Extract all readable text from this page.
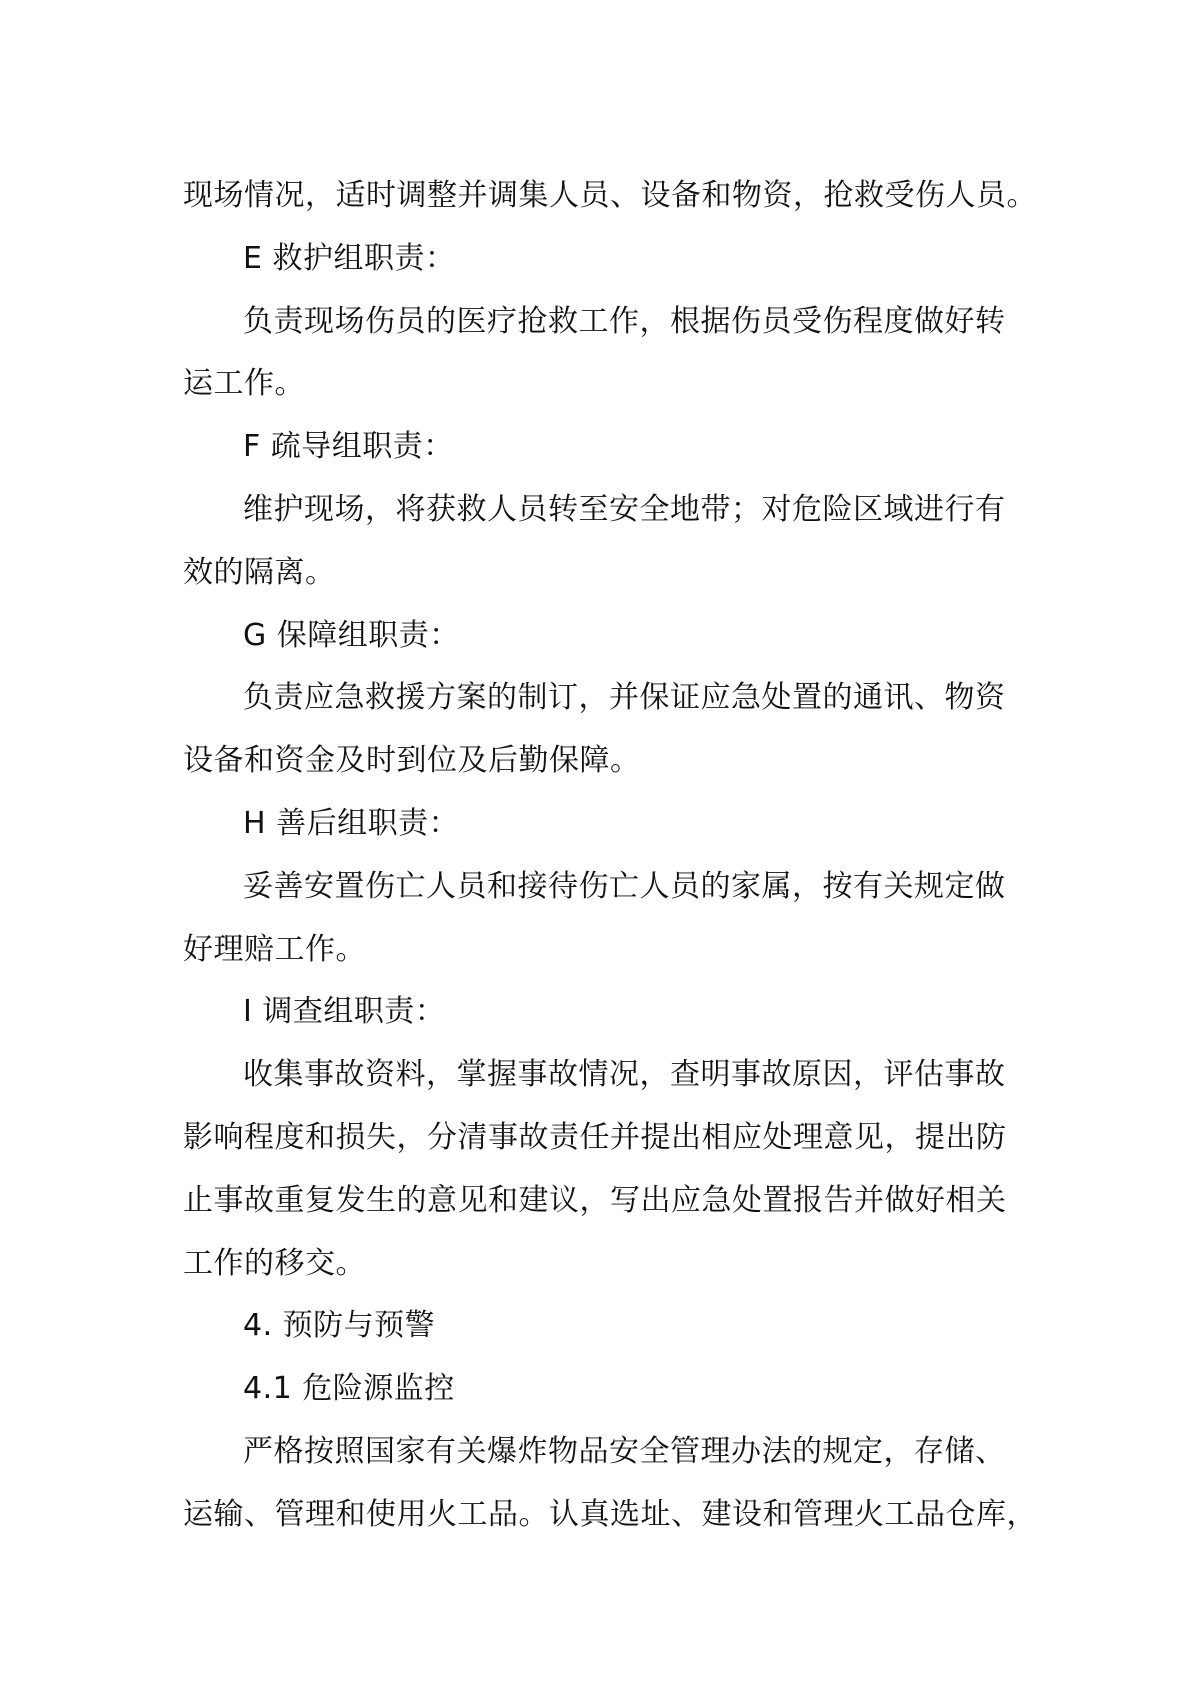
现场情况，适时调整并调集人员、设备和物资，抢救受伤人员。
E 救护组职责：
负责现场伤员的医疗抢救工作，根据伤员受伤程度做好转
运工作。
F 疏导组职责：
维护现场，将获救人员转至安全地带；对危险区域进行有
效的隔离。
G 保障组职责：
负责应急救援方案的制订，并保证应急处置的通讯、物资
设备和资金及时到位及后勤保障。
H 善后组职责：
妥善安置伤亡人员和接待伤亡人员的家属，按有关规定做
好理赔工作。
I 调查组职责：
收集事故资料，掌握事故情况，查明事故原因，评估事故
影响程度和损失，分清事故责任并提出相应处理意见，提出防
止事故重复发生的意见和建议，写出应急处置报告并做好相关
工作的移交。
4. 预防与预警
4.1 危险源监控
严格按照国家有关爆炸物品安全管理办法的规定，存储、
运输、管理和使用火工品。认真选址、建设和管理火工品仓库，
